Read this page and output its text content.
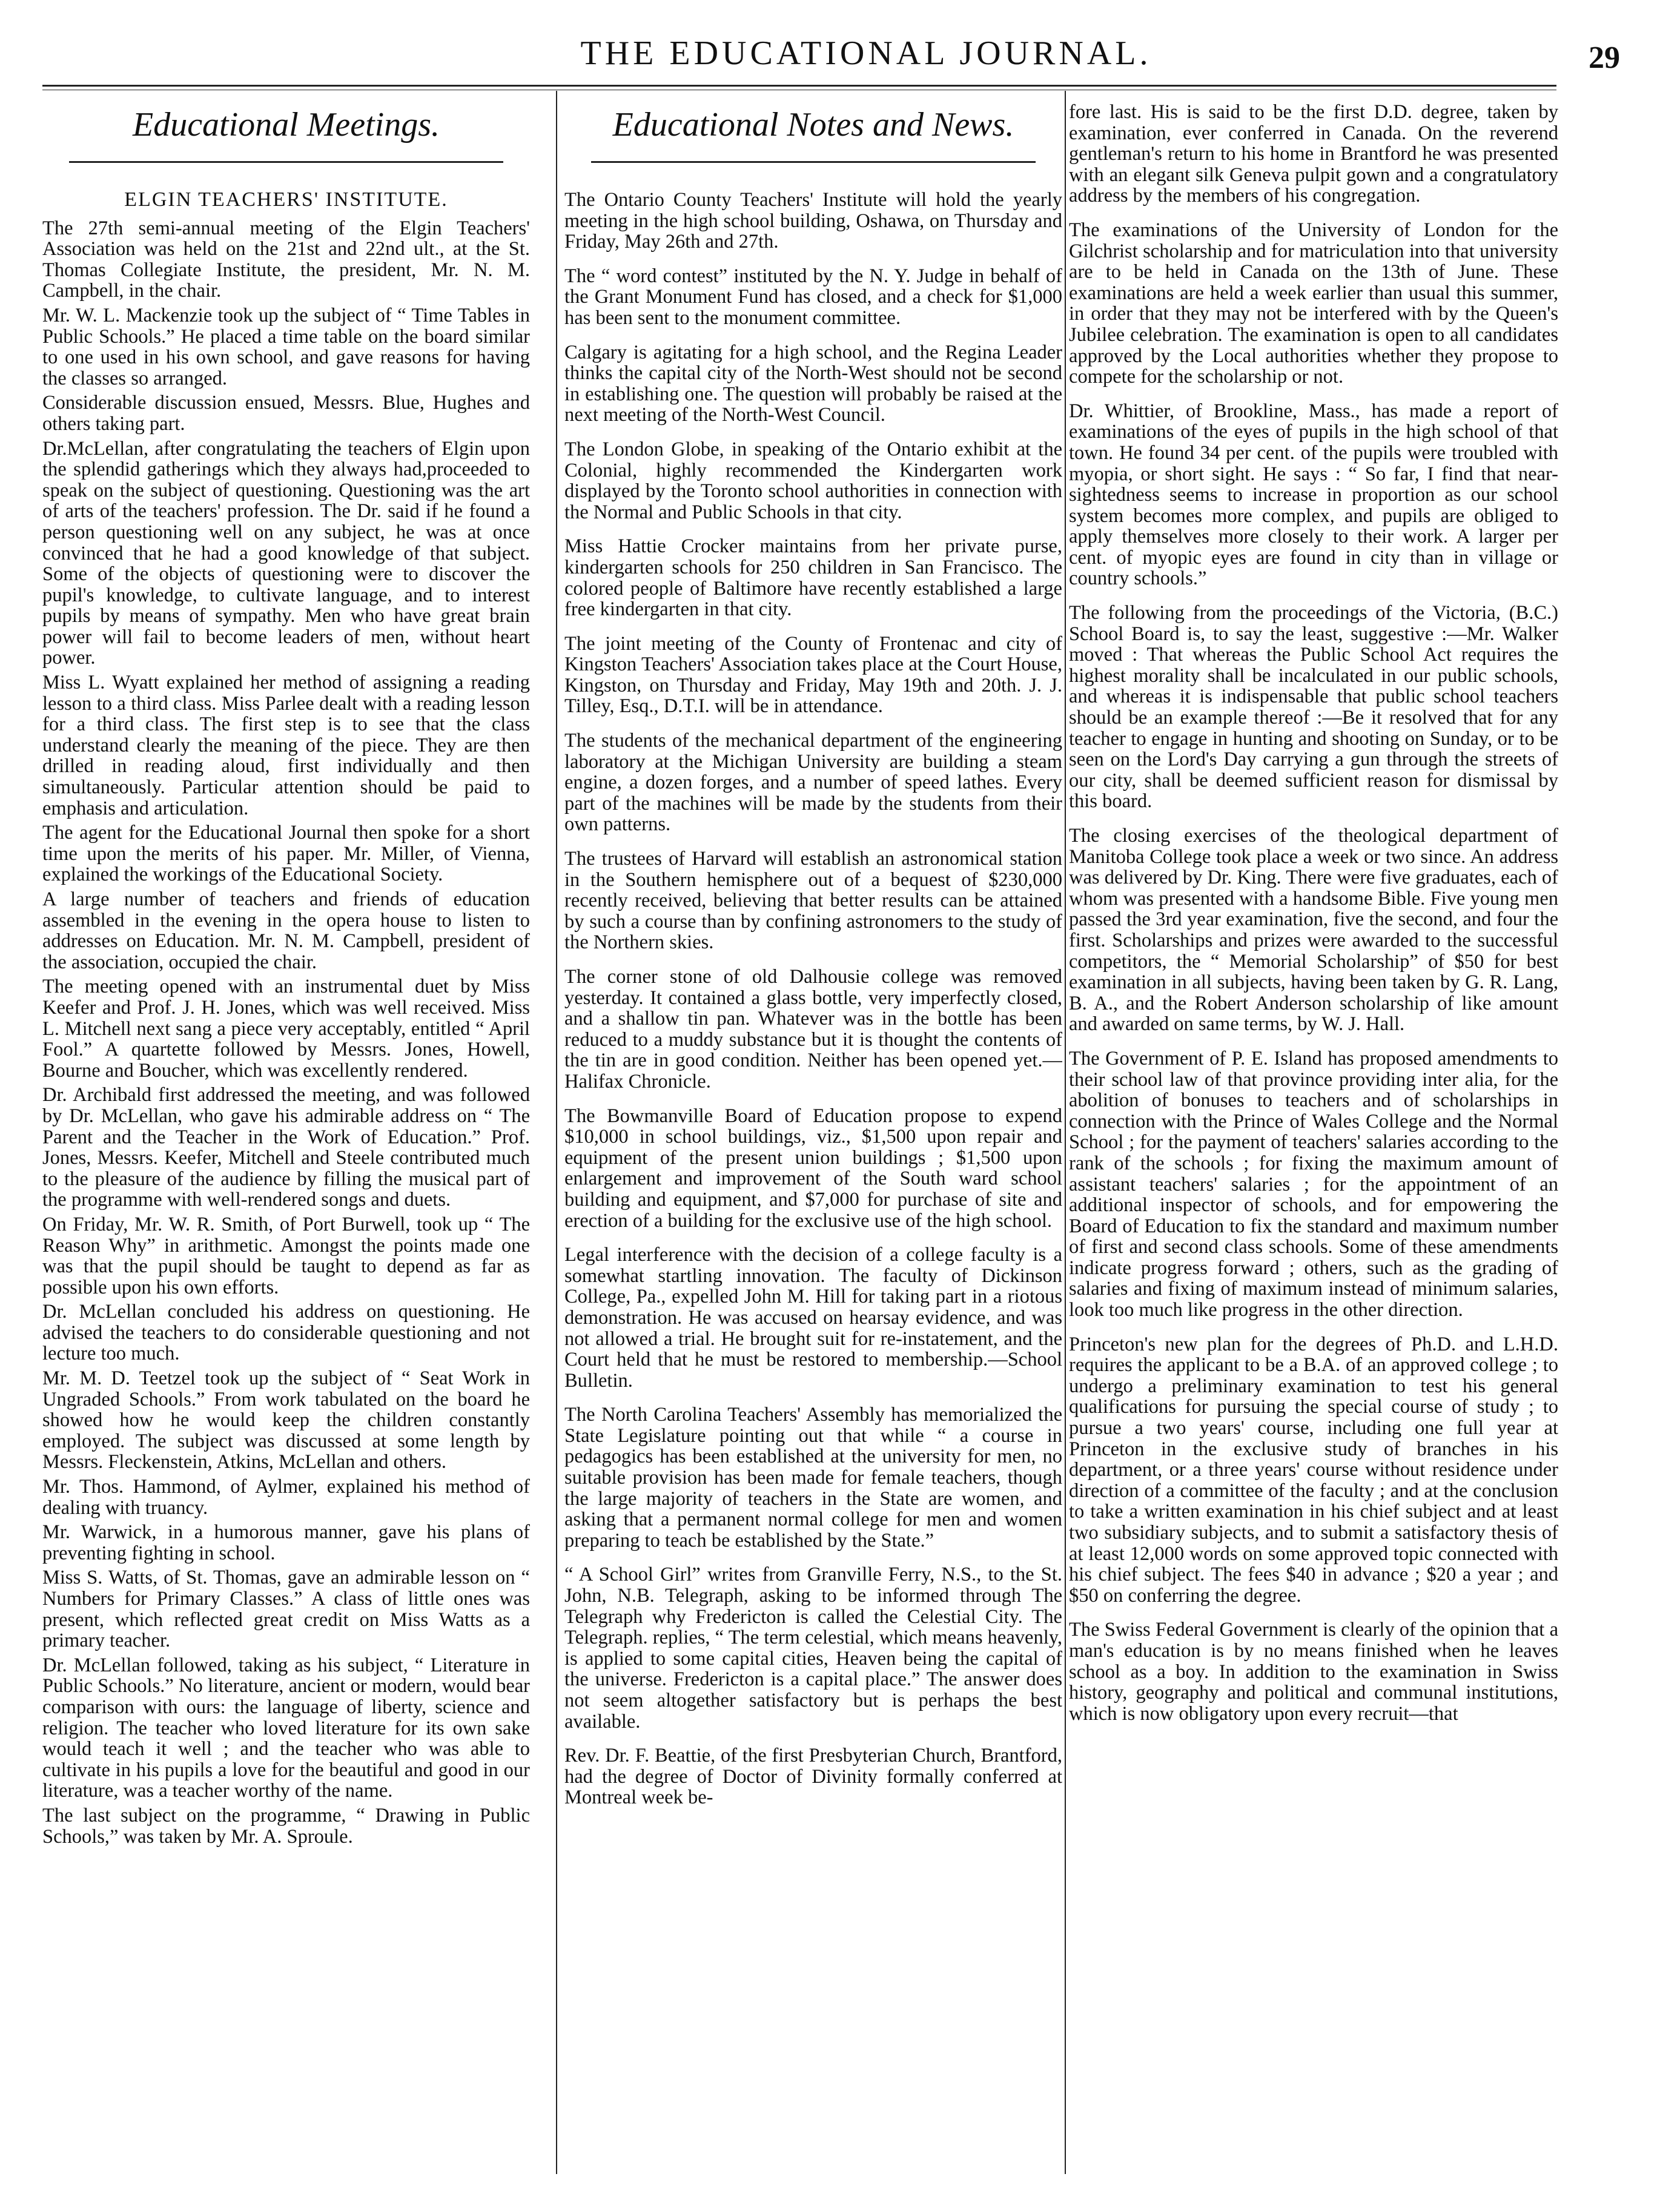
THE EDUCATIONAL JOURNAL.	29
Educational Meetings.
ELGIN TEACHERS' INSTITUTE.

The 27th semi-annual meeting of the Elgin Teachers' Association was held on the 21st and 22nd ult., at the St. Thomas Collegiate Institute, the president, Mr. N. M. Campbell, in the chair.

Mr. W. L. Mackenzie took up the subject of “ Time Tables in Public Schools.” He placed a time table on the board similar to one used in his own school, and gave reasons for having the classes so arranged.

Considerable discussion ensued, Messrs. Blue, Hughes and others taking part.

Dr.McLellan, after congratulating the teachers of Elgin upon the splendid gatherings which they always had,proceeded to speak on the subject of questioning. Questioning was the art of arts of the teachers' profession. The Dr. said if he found a person questioning well on any subject, he was at once convinced that he had a good knowledge of that subject. Some of the objects of questioning were to discover the pupil's knowledge, to cultivate language, and to interest pupils by means of sympathy. Men who have great brain power will fail to become leaders of men, without heart power.

Miss L. Wyatt explained her method of assigning a reading lesson to a third class. Miss Parlee dealt with a reading lesson for a third class. The first step is to see that the class understand clearly the meaning of the piece. They are then drilled in reading aloud, first individually and then simultaneously. Particular attention should be paid to emphasis and articulation.

The agent for the Educational Journal then spoke for a short time upon the merits of his paper. Mr. Miller, of Vienna, explained the workings of the Educational Society.

A large number of teachers and friends of education assembled in the evening in the opera house to listen to addresses on Education. Mr. N. M. Campbell, president of the association, occupied the chair.

The meeting opened with an instrumental duet by Miss Keefer and Prof. J. H. Jones, which was well received. Miss L. Mitchell next sang a piece very acceptably, entitled “ April Fool.” A quartette followed by Messrs. Jones, Howell, Bourne and Boucher, which was excellently rendered.

Dr. Archibald first addressed the meeting, and was followed by Dr. McLellan, who gave his admirable address on “ The Parent and the Teacher in the Work of Education.” Prof. Jones, Messrs. Keefer, Mitchell and Steele contributed much to the pleasure of the audience by filling the musical part of the programme with well-rendered songs and duets.

On Friday, Mr. W. R. Smith, of Port Burwell, took up “ The Reason Why” in arithmetic. Amongst the points made one was that the pupil should be taught to depend as far as possible upon his own efforts.

Dr. McLellan concluded his address on questioning. He advised the teachers to do considerable questioning and not lecture too much.

Mr. M. D. Teetzel took up the subject of “ Seat Work in Ungraded Schools.” From work tabulated on the board he showed how he would keep the children constantly employed. The subject was discussed at some length by Messrs. Fleckenstein, Atkins, McLellan and others.

Mr. Thos. Hammond, of Aylmer, explained his method of dealing with truancy.

Mr. Warwick, in a humorous manner, gave his plans of preventing fighting in school.

Miss S. Watts, of St. Thomas, gave an admirable lesson on “ Numbers for Primary Classes.” A class of little ones was present, which reflected great credit on Miss Watts as a primary teacher.

Dr. McLellan followed, taking as his subject, “ Literature in Public Schools.” No literature, ancient or modern, would bear comparison with ours: the language of liberty, science and religion. The teacher who loved literature for its own sake would teach it well ; and the teacher who was able to cultivate in his pupils a love for the beautiful and good in our literature, was a teacher worthy of the name.

The last subject on the programme, “ Drawing in Public Schools,” was taken by Mr. A. Sproule.

Educational Notes and News.

The Ontario County Teachers' Institute will hold the yearly meeting in the high school building, Oshawa, on Thursday and Friday, May 26th and 27th.

The “ word contest” instituted by the N. Y. Judge in behalf of the Grant Monument Fund has closed, and a check for $1,000 has been sent to the monument committee.

Calgary is agitating for a high school, and the Regina Leader thinks the capital city of the North-West should not be second in establishing one. The question will probably be raised at the next meeting of the North-West Council.

The London Globe, in speaking of the Ontario exhibit at the Colonial, highly recommended the Kindergarten work displayed by the Toronto school authorities in connection with the Normal and Public Schools in that city.

Miss Hattie Crocker maintains from her private purse, kindergarten schools for 250 children in San Francisco. The colored people of Baltimore have recently established a large free kindergarten in that city.

The joint meeting of the County of Frontenac and city of Kingston Teachers' Association takes place at the Court House, Kingston, on Thursday and Friday, May 19th and 20th. J. J. Tilley, Esq., D.T.I. will be in attendance.

The students of the mechanical department of the engineering laboratory at the Michigan University are building a steam engine, a dozen forges, and a number of speed lathes. Every part of the machines will be made by the students from their own patterns.

The trustees of Harvard will establish an astronomical station in the Southern hemisphere out of a bequest of $230,000 recently received, believing that better results can be attained by such a course than by confining astronomers to the study of the Northern skies.

The corner stone of old Dalhousie college was removed yesterday. It contained a glass bottle, very imperfectly closed, and a shallow tin pan. Whatever was in the bottle has been reduced to a muddy substance but it is thought the contents of the tin are in good condition. Neither has been opened yet.—Halifax Chronicle.

The Bowmanville Board of Education propose to expend $10,000 in school buildings, viz., $1,500 upon repair and equipment of the present union buildings ; $1,500 upon enlargement and improvement of the South ward school building and equipment, and $7,000 for purchase of site and erection of a building for the exclusive use of the high school.

Legal interference with the decision of a college faculty is a somewhat startling innovation. The faculty of Dickinson College, Pa., expelled John M. Hill for taking part in a riotous demonstration. He was accused on hearsay evidence, and was not allowed a trial. He brought suit for re-instatement, and the Court held that he must be restored to membership.—School Bulletin.

The North Carolina Teachers' Assembly has memorialized the State Legislature pointing out that while “ a course in pedagogics has been established at the university for men, no suitable provision has been made for female teachers, though the large majority of teachers in the State are women, and asking that a permanent normal college for men and women preparing to teach be established by the State.”

“ A School Girl” writes from Granville Ferry, N.S., to the St. John, N.B. Telegraph, asking to be informed through The Telegraph why Fredericton is called the Celestial City. The Telegraph. replies, “ The term celestial, which means heavenly, is applied to some capital cities, Heaven being the capital of the universe. Fredericton is a capital place.” The answer does not seem altogether satisfactory but is perhaps the best available.

Rev. Dr. F. Beattie, of the first Presbyterian Church, Brantford, had the degree of Doctor of Divinity formally conferred at Montreal week be-

fore last. His is said to be the first D.D. degree, taken by examination, ever conferred in Canada. On the reverend gentleman's return to his home in Brantford he was presented with an elegant silk Geneva pulpit gown and a congratulatory address by the members of his congregation.

The examinations of the University of London for the Gilchrist scholarship and for matriculation into that university are to be held in Canada on the 13th of June. These examinations are held a week earlier than usual this summer, in order that they may not be interfered with by the Queen's Jubilee celebration. The examination is open to all candidates approved by the Local authorities whether they propose to compete for the scholarship or not.

Dr. Whittier, of Brookline, Mass., has made a report of examinations of the eyes of pupils in the high school of that town. He found 34 per cent. of the pupils were troubled with myopia, or short sight. He says : “ So far, I find that near-sightedness seems to increase in proportion as our school system becomes more complex, and pupils are obliged to apply themselves more closely to their work. A larger per cent. of myopic eyes are found in city than in village or country schools.”

The following from the proceedings of the Victoria, (B.C.) School Board is, to say the least, suggestive :—Mr. Walker moved : That whereas the Public School Act requires the highest morality shall be incalculated in our public schools, and whereas it is indispensable that public school teachers should be an example thereof :—Be it resolved that for any teacher to engage in hunting and shooting on Sunday, or to be seen on the Lord's Day carrying a gun through the streets of our city, shall be deemed sufficient reason for dismissal by this board.

The closing exercises of the theological department of Manitoba College took place a week or two since. An address was delivered by Dr. King. There were five graduates, each of whom was presented with a handsome Bible. Five young men passed the 3rd year examination, five the second, and four the first. Scholarships and prizes were awarded to the successful competitors, the “ Memorial Scholarship” of $50 for best examination in all subjects, having been taken by G. R. Lang, B. A., and the Robert Anderson scholarship of like amount and awarded on same terms, by W. J. Hall.

The Government of P. E. Island has proposed amendments to their school law of that province providing inter alia, for the abolition of bonuses to teachers and of scholarships in connection with the Prince of Wales College and the Normal School ; for the payment of teachers' salaries according to the rank of the schools ; for fixing the maximum amount of assistant teachers' salaries ; for the appointment of an additional inspector of schools, and for empowering the Board of Education to fix the standard and maximum number of first and second class schools. Some of these amendments indicate progress forward ; others, such as the grading of salaries and fixing of maximum instead of minimum salaries, look too much like progress in the other direction.

Princeton's new plan for the degrees of Ph.D. and L.H.D. requires the applicant to be a B.A. of an approved college ; to undergo a preliminary examination to test his general qualifications for pursuing the special course of study ; to pursue a two years' course, including one full year at Princeton in the exclusive study of branches in his department, or a three years' course without residence under direction of a committee of the faculty ; and at the conclusion to take a written examination in his chief subject and at least two subsidiary subjects, and to submit a satisfactory thesis of at least 12,000 words on some approved topic connected with his chief subject. The fees $40 in advance ; $20 a year ; and $50 on conferring the degree.

The Swiss Federal Government is clearly of the opinion that a man's education is by no means finished when he leaves school as a boy. In addition to the examination in Swiss history, geography and political and communal institutions, which is now obligatory upon every recruit—that
